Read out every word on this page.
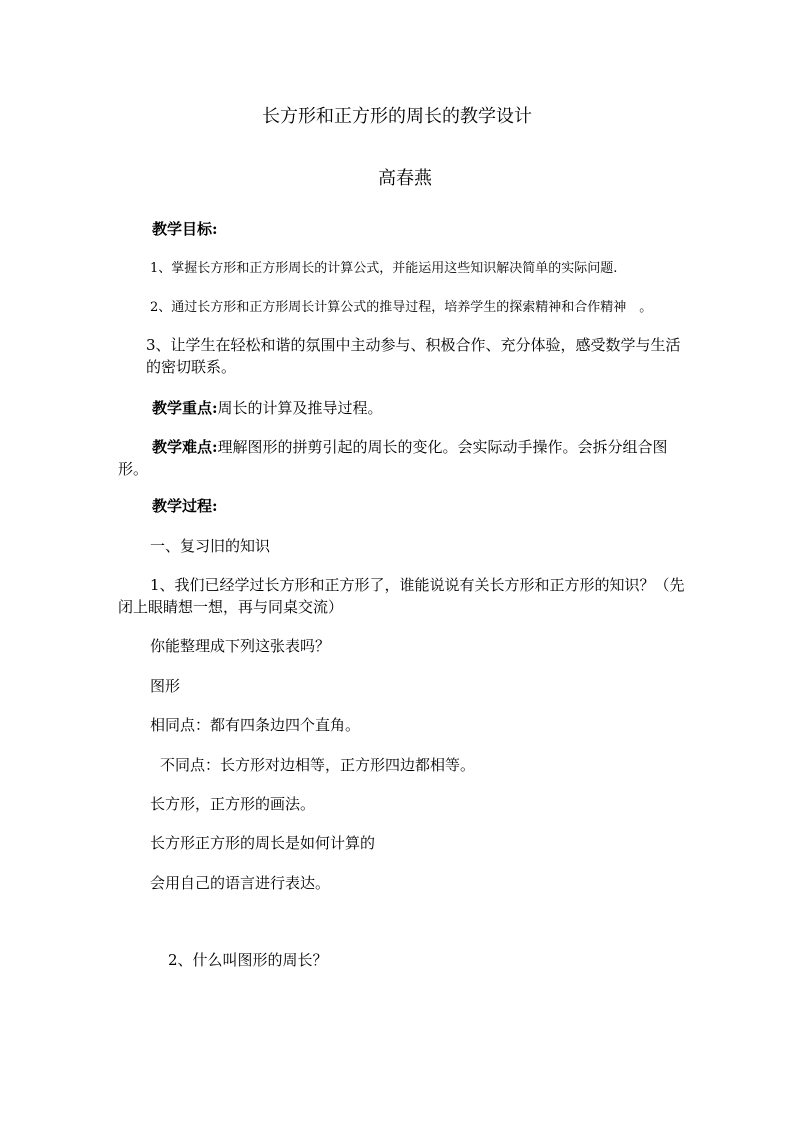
长方形和正方形的周长的教学设计
高春燕
教学目标:
1、掌握长方形和正方形周长的计算公式，并能运用这些知识解决简单的实际问题.
2、通过长方形和正方形周长计算公式的推导过程，培养学生的探索精神和合作精神　。
3、让学生在轻松和谐的氛围中主动参与、积极合作、充分体验，感受数学与生活的密切联系。
教学重点:周长的计算及推导过程。
教学难点:理解图形的拼剪引起的周长的变化。会实际动手操作。会拆分组合图形。
教学过程:
一、复习旧的知识
1、我们已经学过长方形和正方形了，谁能说说有关长方形和正方形的知识？（先闭上眼睛想一想，再与同桌交流）
你能整理成下列这张表吗？
图形
相同点：都有四条边四个直角。
不同点：长方形对边相等，正方形四边都相等。
长方形，正方形的画法。
长方形正方形的周长是如何计算的
会用自己的语言进行表达。
2、什么叫图形的周长？
